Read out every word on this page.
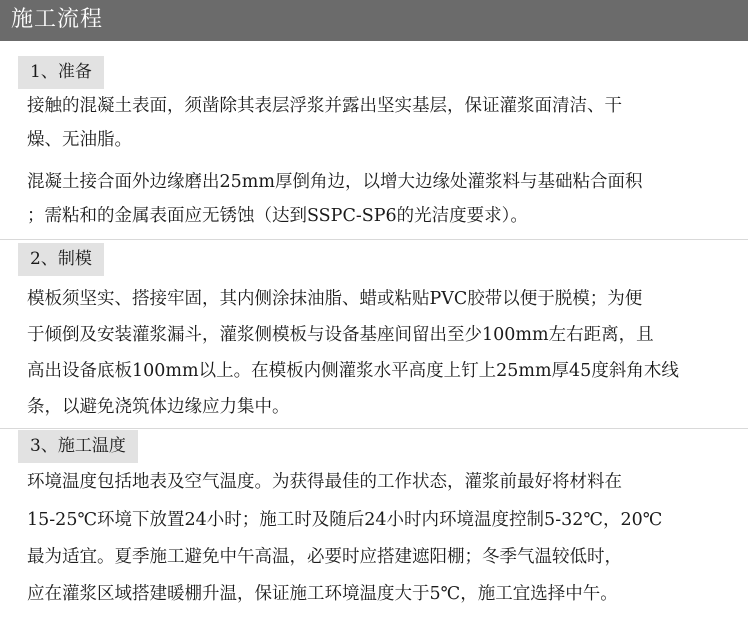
施工流程
1、准备
接触的混凝土表面，须凿除其表层浮浆并露出坚实基层，保证灌浆面清洁、干
燥、无油脂。
混凝土接合面外边缘磨出25mm厚倒角边，以增大边缘处灌浆料与基础粘合面积
；需粘和的金属表面应无锈蚀（达到SSPC-SP6的光洁度要求）。
2、制模
模板须坚实、搭接牢固，其内侧涂抹油脂、蜡或粘贴PVC胶带以便于脱模；为便
于倾倒及安装灌浆漏斗，灌浆侧模板与设备基座间留出至少100mm左右距离，且
高出设备底板100mm以上。在模板内侧灌浆水平高度上钉上25mm厚45度斜角木线
条，以避免浇筑体边缘应力集中。
3、施工温度
环境温度包括地表及空气温度。为获得最佳的工作状态，灌浆前最好将材料在
15-25℃环境下放置24小时；施工时及随后24小时内环境温度控制5-32℃，20℃
最为适宜。夏季施工避免中午高温，必要时应搭建遮阳棚；冬季气温较低时，
应在灌浆区域搭建暖棚升温，保证施工环境温度大于5℃，施工宜选择中午。
